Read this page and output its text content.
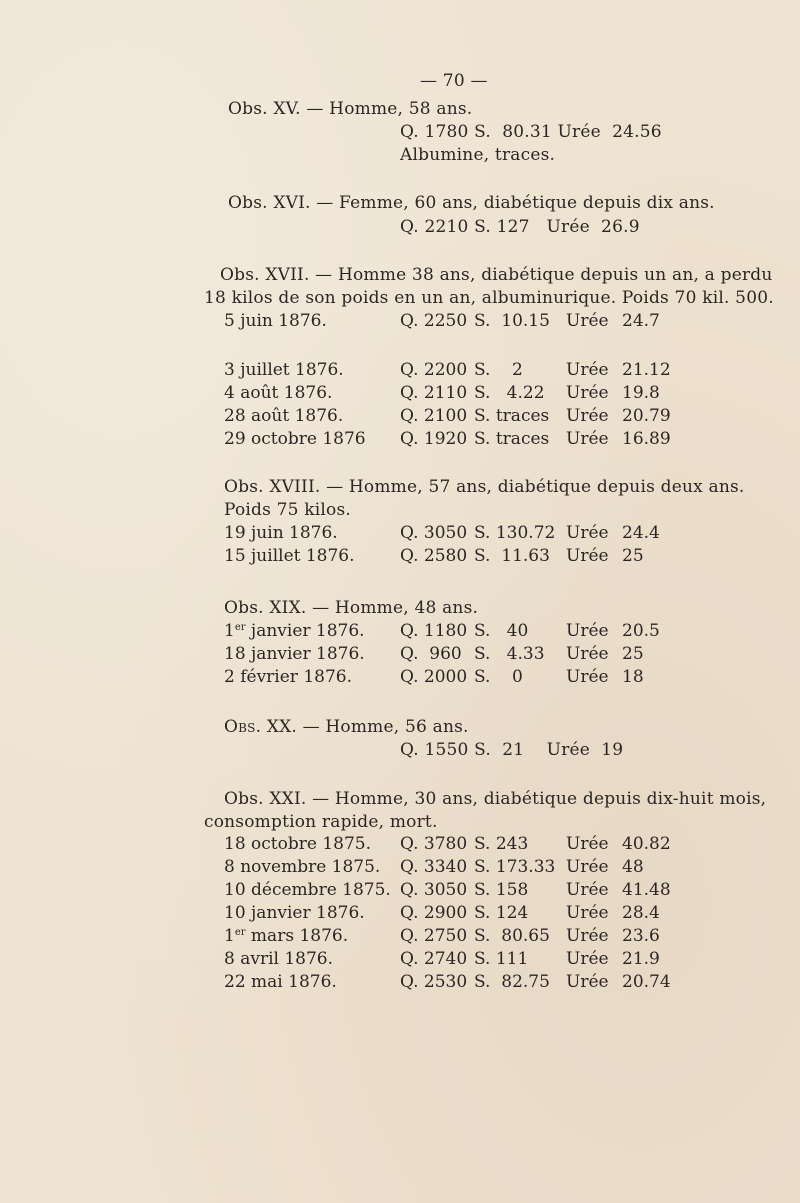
— 70 —
Obs. XV. — Homme, 58 ans.
Q. 1780 S.  80.31 Urée  24.56
Albumine, traces.
Obs. XVI. — Femme, 60 ans, diabétique depuis dix ans.
Q. 2210 S. 127   Urée  26.9
Obs. XVII. — Homme 38 ans, diabétique depuis un an, a perdu
18 kilos de son poids en un an, albuminurique. Poids 70 kil. 500.
5 juin 1876.	Q. 2250 S.  10.15 Urée 24.7
3 juillet 1876.	Q. 2200 S.    2	Urée 21.12
4 août 1876.	Q. 2110 S.   4.22 Urée 19.8
28 août 1876.	Q. 2100 S. traces Urée 20.79
29 octobre 1876 Q. 1920 S. traces Urée 16.89
Obs. XVIII. — Homme, 57 ans, diabétique depuis deux ans.
Poids 75 kilos.
19 juin 1876.	Q. 3050 S. 130.72 Urée 24.4
15 juillet 1876.	Q. 2580 S.  11.63 Urée 25
Obs. XIX. — Homme, 48 ans.
1er janvier 1876. Q. 1180 S.   40 Urée 20.5
18 janvier 1876. Q.  960 S.   4.33 Urée 25
2 février 1876.	Q. 2000 S.    0	Urée 18
Obs. XX. — Homme, 56 ans.
Q. 1550 S.  21    Urée  19
Obs. XXI. — Homme, 30 ans, diabétique depuis dix-huit mois,
consomption rapide, mort.
18 octobre 1875. Q. 3780 S. 243 Urée 40.82
8 novembre 1875. Q. 3340 S. 173.33 Urée 48
10 décembre 1875. Q. 3050 S. 158 Urée 41.48
10 janvier 1876. Q. 2900 S. 124 Urée 28.4
1er mars 1876.	Q. 2750 S.  80.65 Urée 23.6
8 avril 1876.	Q. 2740 S. 111 Urée 21.9
22 mai 1876.	Q. 2530 S.  82.75 Urée 20.74
